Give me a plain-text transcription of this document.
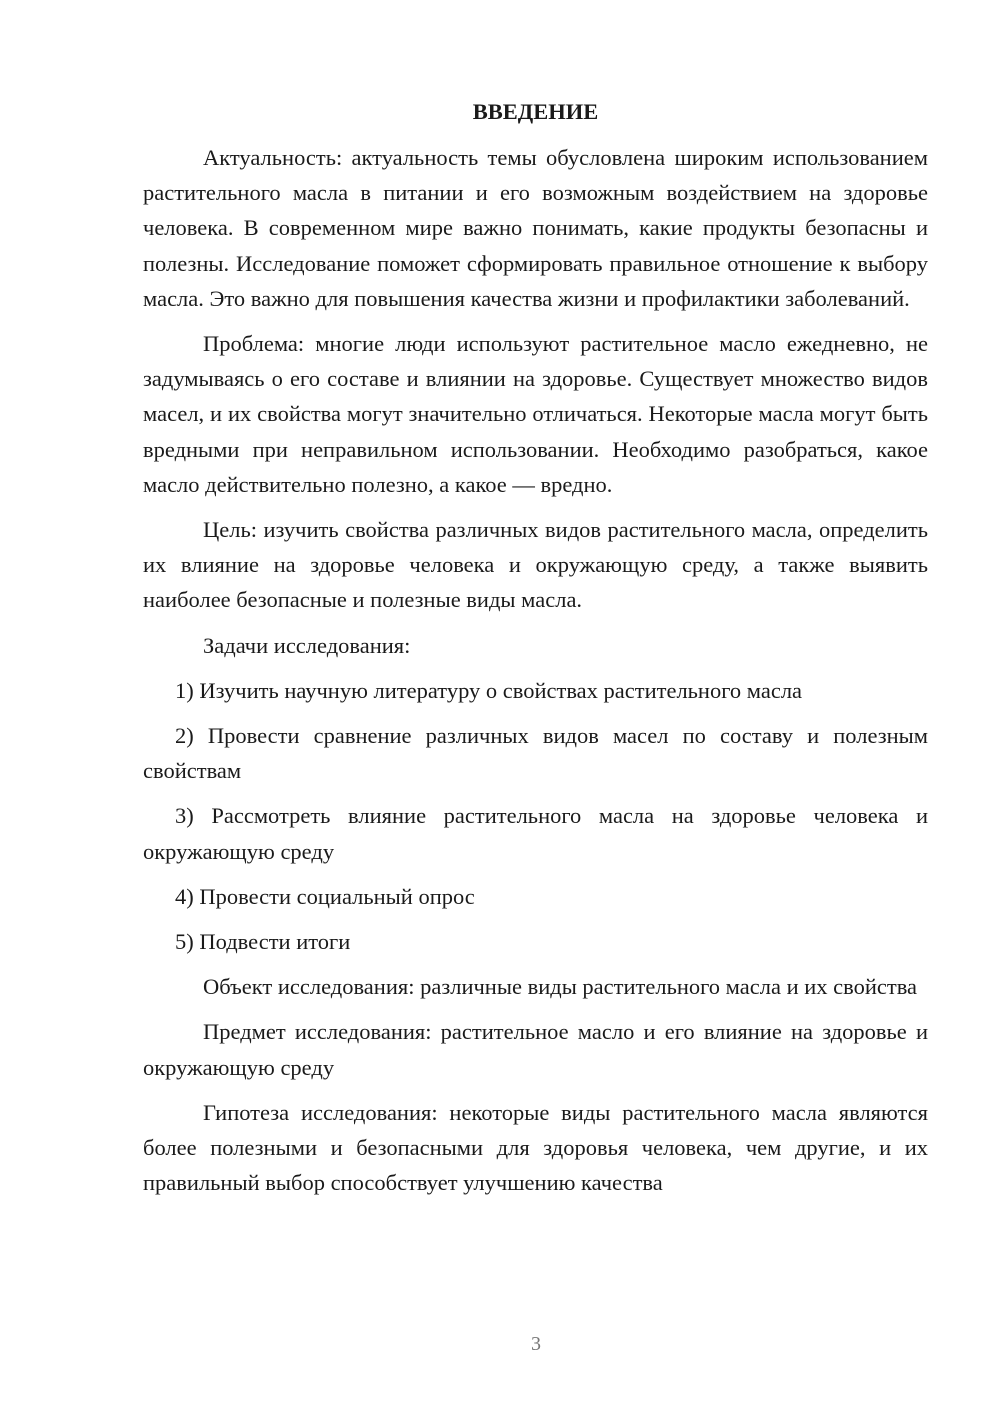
ВВЕДЕНИЕ

Актуальность: актуальность темы обусловлена широким использованием растительного масла в питании и его возможным воздействием на здоровье человека. В современном мире важно понимать, какие продукты безопасны и полезны. Исследование поможет сформировать правильное отношение к выбору масла. Это важно для повышения качества жизни и профилактики заболеваний.

Проблема: многие люди используют растительное масло ежедневно, не задумываясь о его составе и влиянии на здоровье. Существует множество видов масел, и их свойства могут значительно отличаться. Некоторые масла могут быть вредными при неправильном использовании. Необходимо разобраться, какое масло действительно полезно, а какое — вредно.

Цель: изучить свойства различных видов растительного масла, определить их влияние на здоровье человека и окружающую среду, а также выявить наиболее безопасные и полезные виды масла.

Задачи исследования:

1) Изучить научную литературу о свойствах растительного масла

2) Провести сравнение различных видов масел по составу и полезным свойствам

3) Рассмотреть влияние растительного масла на здоровье человека и окружающую среду

4) Провести социальный опрос

5) Подвести итоги

Объект исследования: различные виды растительного масла и их свойства

Предмет исследования: растительное масло и его влияние на здоровье и окружающую среду

Гипотеза исследования: некоторые виды растительного масла являются более полезными и безопасными для здоровья человека, чем другие, и их правильный выбор способствует улучшению качества

3
